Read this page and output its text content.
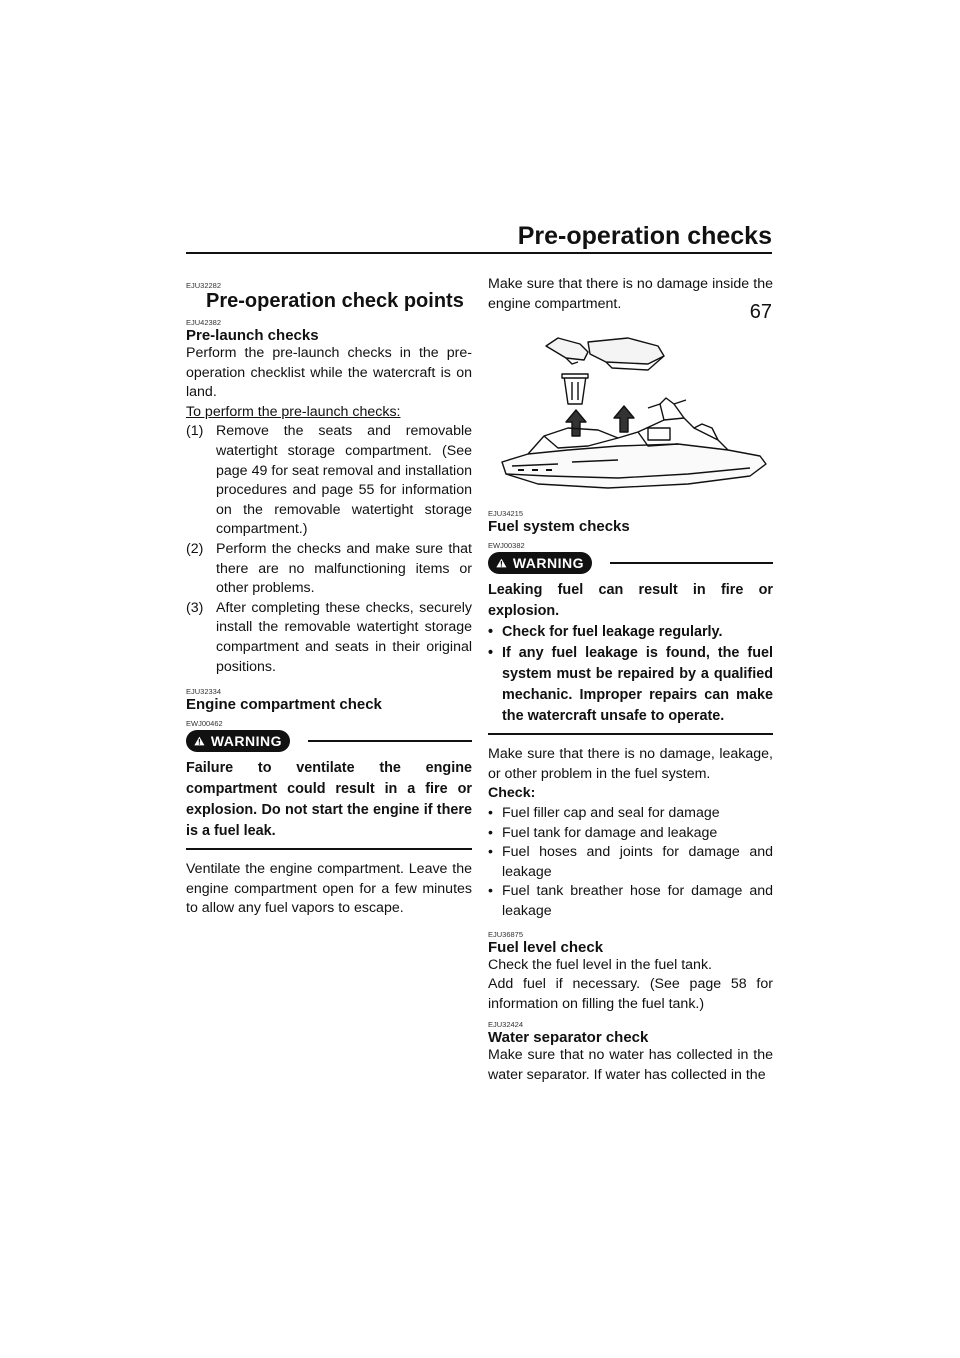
Pre-operation checks
67
EJU32282
Pre-operation check points
EJU42382
Pre-launch checks

Perform the pre-launch checks in the pre-operation checklist while the watercraft is on land.

To perform the pre-launch checks:

(1) Remove the seats and removable watertight storage compartment. (See page 49 for seat removal and installation procedures and page 55 for information on the removable watertight storage compartment.)
(2) Perform the checks and make sure that there are no malfunctioning items or other problems.
(3) After completing these checks, securely install the removable watertight storage compartment and seats in their original positions.
EJU32334
Engine compartment check
EWJ00462
WARNING
Failure to ventilate the engine compartment could result in a fire or explosion. Do not start the engine if there is a fuel leak.

Ventilate the engine compartment. Leave the engine compartment open for a few minutes to allow any fuel vapors to escape.

Make sure that there is no damage inside the engine compartment.

EJU34215
Fuel system checks
EWJ00382
WARNING
Leaking fuel can result in fire or explosion.
• Check for fuel leakage regularly.
• If any fuel leakage is found, the fuel system must be repaired by a qualified mechanic. Improper repairs can make the watercraft unsafe to operate.

Make sure that there is no damage, leakage, or other problem in the fuel system.

Check:

• Fuel filler cap and seal for damage
• Fuel tank for damage and leakage
• Fuel hoses and joints for damage and leakage
• Fuel tank breather hose for damage and leakage
EJU36875
Fuel level check

Check the fuel level in the fuel tank.

Add fuel if necessary. (See page 58 for information on filling the fuel tank.)

EJU32424
Water separator check

Make sure that no water has collected in the water separator. If water has collected in the
